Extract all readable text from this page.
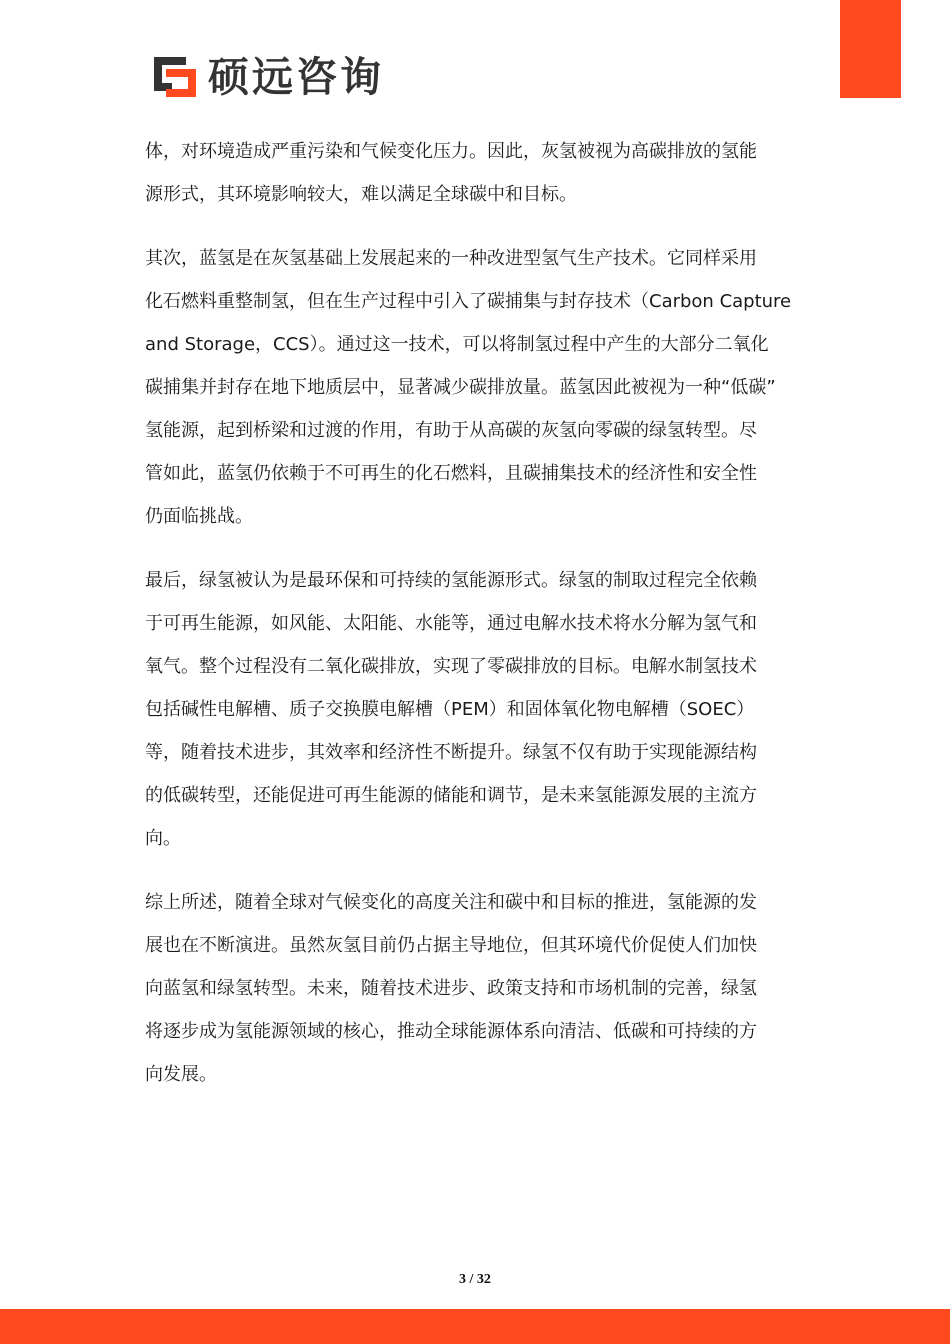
硕远咨询

体，对环境造成严重污染和气候变化压力。因此，灰氢被视为高碳排放的氢能
源形式，其环境影响较大，难以满足全球碳中和目标。

其次，蓝氢是在灰氢基础上发展起来的一种改进型氢气生产技术。它同样采用
化石燃料重整制氢，但在生产过程中引入了碳捕集与封存技术（Carbon Capture
and Storage，CCS）。通过这一技术，可以将制氢过程中产生的大部分二氧化
碳捕集并封存在地下地质层中，显著减少碳排放量。蓝氢因此被视为一种“低碳”
氢能源，起到桥梁和过渡的作用，有助于从高碳的灰氢向零碳的绿氢转型。尽
管如此，蓝氢仍依赖于不可再生的化石燃料，且碳捕集技术的经济性和安全性
仍面临挑战。

最后，绿氢被认为是最环保和可持续的氢能源形式。绿氢的制取过程完全依赖
于可再生能源，如风能、太阳能、水能等，通过电解水技术将水分解为氢气和
氧气。整个过程没有二氧化碳排放，实现了零碳排放的目标。电解水制氢技术
包括碱性电解槽、质子交换膜电解槽（PEM）和固体氧化物电解槽（SOEC）
等，随着技术进步，其效率和经济性不断提升。绿氢不仅有助于实现能源结构
的低碳转型，还能促进可再生能源的储能和调节，是未来氢能源发展的主流方
向。

综上所述，随着全球对气候变化的高度关注和碳中和目标的推进，氢能源的发
展也在不断演进。虽然灰氢目前仍占据主导地位，但其环境代价促使人们加快
向蓝氢和绿氢转型。未来，随着技术进步、政策支持和市场机制的完善，绿氢
将逐步成为氢能源领域的核心，推动全球能源体系向清洁、低碳和可持续的方
向发展。

3 / 32
